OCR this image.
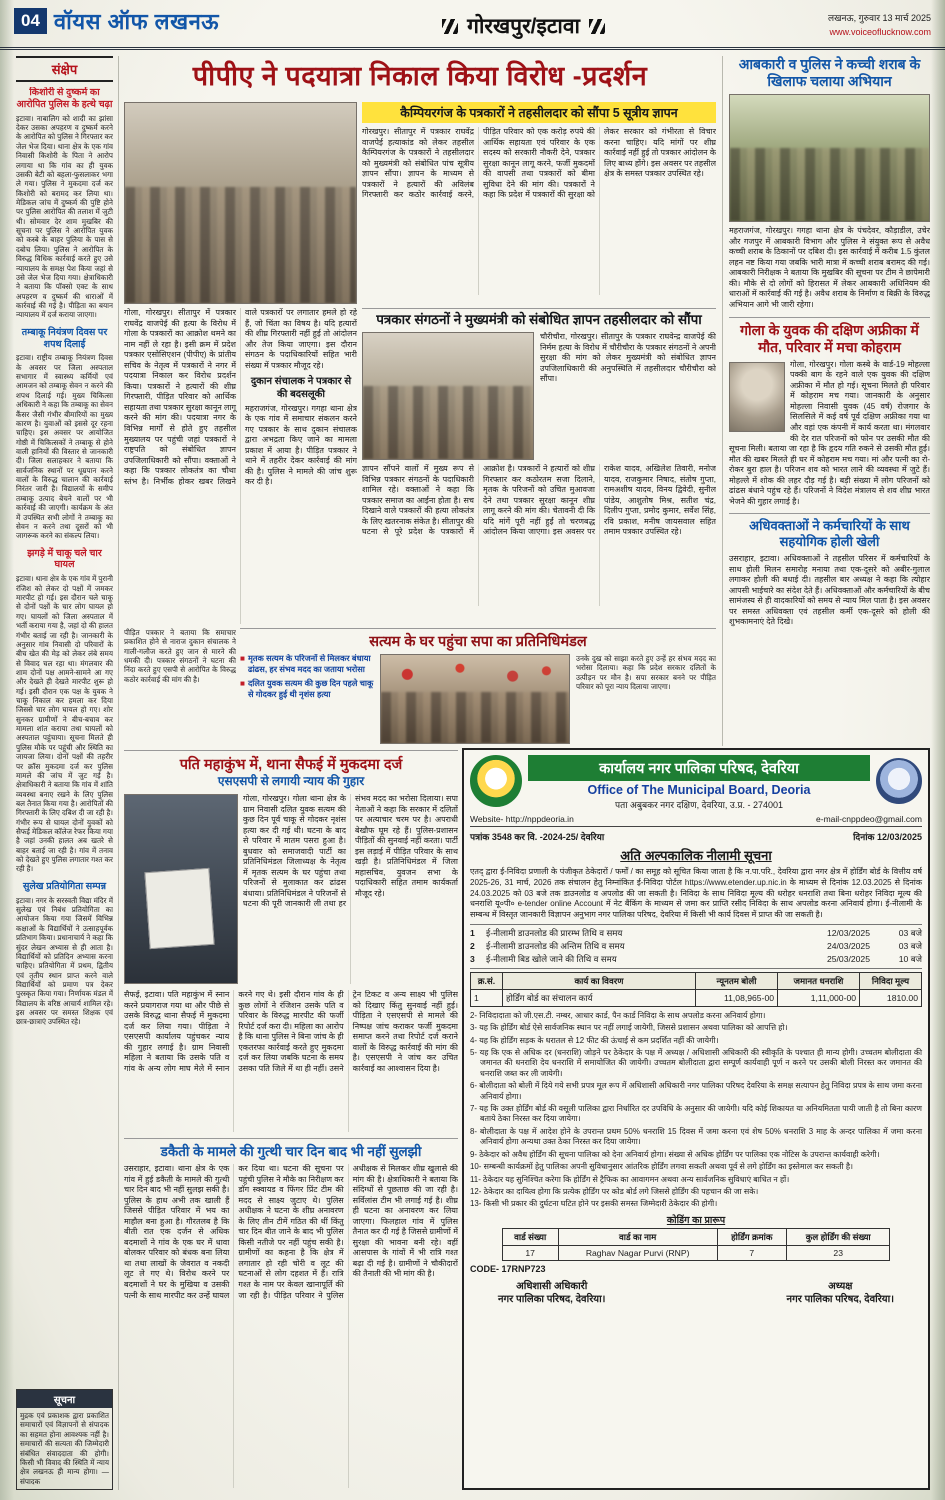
04 वॉयस ऑफ लखनऊ	गोरखपुर/इटावा	लखनऊ, गुरुवार 13 मार्च 2025
www.voiceoflucknow.com
संक्षेप
किशोरी से दुष्कर्म का आरोपित पुलिस के हत्थे चढ़ा

इटावा। नाबालिग को शादी का झांसा देकर उसका अपहरण व दुष्कर्म करने के आरोपित को पुलिस ने गिरफ्तार कर जेल भेज दिया। थाना क्षेत्र के एक गांव निवासी किशोरी के पिता ने आरोप लगाया था कि गांव का ही युवक उसकी बेटी को बहला-फुसलाकर भगा ले गया। पुलिस ने मुकदमा दर्ज कर किशोरी को बरामद कर लिया था। मेडिकल जांच में दुष्कर्म की पुष्टि होने पर पुलिस आरोपित की तलाश में जुटी थी। सोमवार देर शाम मुखबिर की सूचना पर पुलिस ने आरोपित युवक को कस्बे के बाहर पुलिया के पास से दबोच लिया। पुलिस ने आरोपित के विरुद्ध विधिक कार्रवाई करते हुए उसे न्यायालय के समक्ष पेश किया जहां से उसे जेल भेज दिया गया। क्षेत्राधिकारी ने बताया कि पॉक्सो एक्ट के साथ अपहरण व दुष्कर्म की धाराओं में कार्रवाई की गई है। पीड़िता का बयान न्यायालय में दर्ज कराया जाएगा।

तम्बाकू नियंत्रण दिवस पर शपथ दिलाई

इटावा। राष्ट्रीय तम्बाकू नियंत्रण दिवस के अवसर पर जिला अस्पताल सभागार में स्वास्थ्य कर्मियों एवं आमजन को तम्बाकू सेवन न करने की शपथ दिलाई गई। मुख्य चिकित्सा अधिकारी ने कहा कि तम्बाकू का सेवन कैंसर जैसी गंभीर बीमारियों का मुख्य कारण है। युवाओं को इससे दूर रहना चाहिए। इस अवसर पर आयोजित गोष्ठी में चिकित्सकों ने तम्बाकू से होने वाली हानियों की विस्तार से जानकारी दी। जिला सलाहकार ने बताया कि सार्वजनिक स्थानों पर धूम्रपान करने वालों के विरुद्ध चालान की कार्रवाई निरंतर जारी है। विद्यालयों के समीप तम्बाकू उत्पाद बेचने वालों पर भी कार्रवाई की जाएगी। कार्यक्रम के अंत में उपस्थित सभी लोगों ने तम्बाकू का सेवन न करने तथा दूसरों को भी जागरूक करने का संकल्प लिया।

झगड़े में चाकू चले चार घायल

इटावा। थाना क्षेत्र के एक गांव में पुरानी रंजिश को लेकर दो पक्षों में जमकर मारपीट हो गई। इस दौरान चले चाकू से दोनों पक्षों के चार लोग घायल हो गए। घायलों को जिला अस्पताल में भर्ती कराया गया है, जहां दो की हालत गंभीर बताई जा रही है। जानकारी के अनुसार गांव निवासी दो परिवारों के बीच खेत की मेड़ को लेकर लंबे समय से विवाद चल रहा था। मंगलवार की शाम दोनों पक्ष आमने-सामने आ गए और देखते ही देखते मारपीट शुरू हो गई। इसी दौरान एक पक्ष के युवक ने चाकू निकाल कर हमला कर दिया जिससे चार लोग घायल हो गए। शोर सुनकर ग्रामीणों ने बीच-बचाव कर मामला शांत कराया तथा घायलों को अस्पताल पहुंचाया। सूचना मिलते ही पुलिस मौके पर पहुंची और स्थिति का जायजा लिया। दोनों पक्षों की तहरीर पर क्रॉस मुकदमा दर्ज कर पुलिस मामले की जांच में जुट गई है। क्षेत्राधिकारी ने बताया कि गांव में शांति व्यवस्था बनाए रखने के लिए पुलिस बल तैनात किया गया है। आरोपितों की गिरफ्तारी के लिए दबिश दी जा रही है। गंभीर रूप से घायल दोनों युवकों को सैफई मेडिकल कॉलेज रेफर किया गया है जहां उनकी हालत अब खतरे से बाहर बताई जा रही है। गांव में तनाव को देखते हुए पुलिस लगातार गश्त कर रही है।

सुलेख प्रतियोगिता सम्पन्न

इटावा। नगर के सरस्वती विद्या मंदिर में सुलेख एवं निबंध प्रतियोगिता का आयोजन किया गया जिसमें विभिन्न कक्षाओं के विद्यार्थियों ने उत्साहपूर्वक प्रतिभाग किया। प्रधानाचार्य ने कहा कि सुंदर लेखन अभ्यास से ही आता है। विद्यार्थियों को प्रतिदिन अभ्यास करना चाहिए। प्रतियोगिता में प्रथम, द्वितीय एवं तृतीय स्थान प्राप्त करने वाले विद्यार्थियों को प्रमाण पत्र देकर पुरस्कृत किया गया। निर्णायक मंडल में विद्यालय के वरिष्ठ आचार्य शामिल रहे। इस अवसर पर समस्त शिक्षक एवं छात्र-छात्राएं उपस्थित रहे।

सूचना

मुद्रक एवं प्रकाशक द्वारा प्रकाशित समाचारों एवं विज्ञापनों से संपादक का सहमत होना आवश्यक नहीं है। समाचारों की सत्यता की जिम्मेदारी संबंधित संवाददाता की होगी। किसी भी विवाद की स्थिति में न्याय क्षेत्र लखनऊ ही मान्य होगा। — संपादक

पीपीए ने पदयात्रा निकाल किया विरोध -प्रदर्शन
कैम्पियरगंज के पत्रकारों ने तहसीलदार को सौंपा 5 सूत्रीय ज्ञापन
गोरखपुर। सीतापुर में पत्रकार राघवेंद्र वाजपेई हत्याकांड को लेकर तहसील कैम्पियरगंज के पत्रकारों ने तहसीलदार को मुख्यमंत्री को संबोधित पांच सूत्रीय ज्ञापन सौंपा। ज्ञापन के माध्यम से पत्रकारों ने हत्यारों की अविलंब गिरफ्तारी कर कठोर कार्रवाई करने, पीड़ित परिवार को एक करोड़ रुपये की आर्थिक सहायता एवं परिवार के एक सदस्य को सरकारी नौकरी देने, पत्रकार सुरक्षा कानून लागू करने, फर्जी मुकदमों की वापसी तथा पत्रकारों को बीमा सुविधा देने की मांग की। पत्रकारों ने कहा कि प्रदेश में पत्रकारों की सुरक्षा को लेकर सरकार को गंभीरता से विचार करना चाहिए। यदि मांगों पर शीघ्र कार्रवाई नहीं हुई तो पत्रकार आंदोलन के लिए बाध्य होंगे। इस अवसर पर तहसील क्षेत्र के समस्त पत्रकार उपस्थित रहे।
गोला, गोरखपुर। सीतापुर में पत्रकार राघवेंद्र वाजपेई की हत्या के विरोध में गोला के पत्रकारों का आक्रोश थमने का नाम नहीं ले रहा है। इसी क्रम में प्रदेश पत्रकार एसोसिएशन (पीपीए) के प्रांतीय सचिव के नेतृत्व में पत्रकारों ने नगर में पदयात्रा निकाल कर विरोध प्रदर्शन किया। पत्रकारों ने हत्यारों की शीघ्र गिरफ्तारी, पीड़ित परिवार को आर्थिक सहायता तथा पत्रकार सुरक्षा कानून लागू करने की मांग की। पदयात्रा नगर के विभिन्न मार्गों से होते हुए तहसील मुख्यालय पर पहुंची जहां पत्रकारों ने राष्ट्रपति को संबोधित ज्ञापन उपजिलाधिकारी को सौंपा। वक्ताओं ने कहा कि पत्रकार लोकतंत्र का चौथा स्तंभ है। निर्भीक होकर खबर लिखने वाले पत्रकारों पर लगातार हमले हो रहे हैं, जो चिंता का विषय है। यदि हत्यारों की शीघ्र गिरफ्तारी नहीं हुई तो आंदोलन और तेज किया जाएगा। इस दौरान संगठन के पदाधिकारियों सहित भारी संख्या में पत्रकार मौजूद रहे।
दुकान संचालक ने पत्रकार से की बदसलूकी
महराजगंज, गोरखपुर। गगहा थाना क्षेत्र के एक गांव में समाचार संकलन करने गए पत्रकार के साथ दुकान संचालक द्वारा अभद्रता किए जाने का मामला प्रकाश में आया है। पीड़ित पत्रकार ने थाने में तहरीर देकर कार्रवाई की मांग की है। पुलिस ने मामले की जांच शुरू कर दी है।
पत्रकार संगठनों ने मुख्यमंत्री को संबोधित ज्ञापन तहसीलदार को सौंपा
चौरीचौरा, गोरखपुर। सीतापुर के पत्रकार राघवेन्द्र वाजपेई की निर्मम हत्या के विरोध में चौरीचौरा के पत्रकार संगठनों ने अपनी सुरक्षा की मांग को लेकर मुख्यमंत्री को संबोधित ज्ञापन उपजिलाधिकारी की अनुपस्थिति में तहसीलदार चौरीचौरा को सौंपा।
ज्ञापन सौंपने वालों में मुख्य रूप से विभिन्न पत्रकार संगठनों के पदाधिकारी शामिल रहे। वक्ताओं ने कहा कि पत्रकार समाज का आईना होता है। सच दिखाने वाले पत्रकारों की हत्या लोकतंत्र के लिए खतरनाक संकेत है। सीतापुर की घटना से पूरे प्रदेश के पत्रकारों में आक्रोश है। पत्रकारों ने हत्यारों को शीघ्र गिरफ्तार कर कठोरतम सजा दिलाने, मृतक के परिजनों को उचित मुआवजा देने तथा पत्रकार सुरक्षा कानून शीघ्र लागू करने की मांग की। चेतावनी दी कि यदि मांगें पूरी नहीं हुईं तो चरणबद्ध आंदोलन किया जाएगा। इस अवसर पर राकेश यादव, अखिलेश तिवारी, मनोज यादव, राजकुमार निषाद, संतोष गुप्ता, रामअशीष यादव, विनय द्विवेदी, सुनील पांडेय, आशुतोष मिश्र, सतीश चंद्र, दिलीप गुप्ता, प्रमोद कुमार, सर्वेश सिंह, रवि प्रकाश, मनीष जायसवाल सहित तमाम पत्रकार उपस्थित रहे।
पीड़ित पत्रकार ने बताया कि समाचार प्रकाशित होने से नाराज दुकान संचालक ने गाली-गलौज करते हुए जान से मारने की धमकी दी। पत्रकार संगठनों ने घटना की निंदा करते हुए एसपी से आरोपित के विरुद्ध कठोर कार्रवाई की मांग की है।
सत्यम के घर पहुंचा सपा का प्रतिनिधिमंडल
■ मृतक सत्यम के परिजनों से मिलकर बंधाया ढांढस, हर संभव मदद का जताया भरोसा
■ दलित युवक सत्यम की कुछ दिन पहले चाकू से गोदकर हुई थी नृशंस हत्या
उनके दुख को साझा करते हुए उन्हें हर संभव मदद का भरोसा दिलाया। कहा कि प्रदेश सरकार दलितों के उत्पीड़न पर मौन है। सपा सरकार बनने पर पीड़ित परिवार को पूरा न्याय दिलाया जाएगा।
गोला, गोरखपुर। गोला थाना क्षेत्र के ग्राम निवासी दलित युवक सत्यम की कुछ दिन पूर्व चाकू से गोदकर नृशंस हत्या कर दी गई थी। घटना के बाद से परिवार में मातम पसरा हुआ है। बुधवार को समाजवादी पार्टी का प्रतिनिधिमंडल जिलाध्यक्ष के नेतृत्व में मृतक सत्यम के घर पहुंचा तथा परिजनों से मुलाकात कर ढांढस बंधाया। प्रतिनिधिमंडल ने परिजनों से घटना की पूरी जानकारी ली तथा हर संभव मदद का भरोसा दिलाया। सपा नेताओं ने कहा कि सरकार में दलितों पर अत्याचार चरम पर है। अपराधी बेखौफ घूम रहे हैं। पुलिस-प्रशासन पीड़ितों की सुनवाई नहीं करता। पार्टी इस लड़ाई में पीड़ित परिवार के साथ खड़ी है। प्रतिनिधिमंडल में जिला महासचिव, युवजन सभा के पदाधिकारी सहित तमाम कार्यकर्ता मौजूद रहे।
पति महाकुंभ में, थाना सैफई में मुकदमा दर्ज
एसएसपी से लगायी न्याय की गुहार
सैफई, इटावा। पति महाकुंभ में स्नान करने प्रयागराज गया था और पीछे से उसके विरुद्ध थाना सैफई में मुकदमा दर्ज कर लिया गया। पीड़िता ने एसएसपी कार्यालय पहुंचकर न्याय की गुहार लगाई है। ग्राम निवासी महिला ने बताया कि उसके पति व गांव के अन्य लोग माघ मेले में स्नान करने गए थे। इसी दौरान गांव के ही कुछ लोगों ने रंजिशन उसके पति व परिवार के विरुद्ध मारपीट की फर्जी रिपोर्ट दर्ज करा दी। महिला का आरोप है कि थाना पुलिस ने बिना जांच के ही एकतरफा कार्रवाई करते हुए मुकदमा दर्ज कर लिया जबकि घटना के समय उसका पति जिले में था ही नहीं। उसने ट्रेन टिकट व अन्य साक्ष्य भी पुलिस को दिखाए किंतु सुनवाई नहीं हुई। पीड़िता ने एसएसपी से मामले की निष्पक्ष जांच कराकर फर्जी मुकदमा समाप्त करने तथा रिपोर्ट दर्ज कराने वालों के विरुद्ध कार्रवाई की मांग की है। एसएसपी ने जांच कर उचित कार्रवाई का आश्वासन दिया है।
डकैती के मामले की गुत्थी चार दिन बाद भी नहीं सुलझी
उसराहार, इटावा। थाना क्षेत्र के एक गांव में हुई डकैती के मामले की गुत्थी चार दिन बाद भी नहीं सुलझ सकी है। पुलिस के हाथ अभी तक खाली हैं जिससे पीड़ित परिवार में भय का माहौल बना हुआ है। गौरतलब है कि बीती रात एक दर्जन से अधिक बदमाशों ने गांव के एक घर में धावा बोलकर परिवार को बंधक बना लिया था तथा लाखों के जेवरात व नकदी लूट ले गए थे। विरोध करने पर बदमाशों ने घर के मुखिया व उसकी पत्नी के साथ मारपीट कर उन्हें घायल कर दिया था। घटना की सूचना पर पहुंची पुलिस ने मौके का निरीक्षण कर डॉग स्क्वायड व फिंगर प्रिंट टीम की मदद से साक्ष्य जुटाए थे। पुलिस अधीक्षक ने घटना के शीघ्र अनावरण के लिए तीन टीमें गठित की थीं किंतु चार दिन बीत जाने के बाद भी पुलिस किसी नतीजे पर नहीं पहुंच सकी है। ग्रामीणों का कहना है कि क्षेत्र में लगातार हो रही चोरी व लूट की घटनाओं से लोग दहशत में हैं। रात्रि गश्त के नाम पर केवल खानापूर्ति की जा रही है। पीड़ित परिवार ने पुलिस अधीक्षक से मिलकर शीघ्र खुलासे की मांग की है। क्षेत्राधिकारी ने बताया कि संदिग्धों से पूछताछ की जा रही है। सर्विलांस टीम भी लगाई गई है। शीघ्र ही घटना का अनावरण कर लिया जाएगा। फिलहाल गांव में पुलिस तैनात कर दी गई है जिससे ग्रामीणों में सुरक्षा की भावना बनी रहे। वहीं आसपास के गांवों में भी रात्रि गश्त बढ़ा दी गई है। ग्रामीणों ने चौकीदारों की तैनाती की भी मांग की है।
आबकारी व पुलिस ने कच्ची शराब के खिलाफ चलाया अभियान

महराजगंज, गोरखपुर। गगहा थाना क्षेत्र के पंचदेवर, कौड़ाडील, उचेर और गजपुर में आबकारी विभाग और पुलिस ने संयुक्त रूप से अवैध कच्ची शराब के ठिकानों पर दबिश दी। इस कार्रवाई में करीब 1.5 कुंतल लहन नष्ट किया गया जबकि भारी मात्रा में कच्ची शराब बरामद की गई। आबकारी निरीक्षक ने बताया कि मुखबिर की सूचना पर टीम ने छापेमारी की। मौके से दो लोगों को हिरासत में लेकर आबकारी अधिनियम की धाराओं में कार्रवाई की गई है। अवैध शराब के निर्माण व बिक्री के विरुद्ध अभियान आगे भी जारी रहेगा।

गोला के युवक की दक्षिण अफ्रीका में मौत, परिवार में मचा कोहराम

गोला, गोरखपुर। गोला कस्बे के वार्ड-19 मोहल्ला पक्की बाग के रहने वाले एक युवक की दक्षिण अफ्रीका में मौत हो गई। सूचना मिलते ही परिवार में कोहराम मच गया। जानकारी के अनुसार मोहल्ला निवासी युवक (45 वर्ष) रोजगार के सिलसिले में कई वर्ष पूर्व दक्षिण अफ्रीका गया था और वहां एक कंपनी में कार्य करता था। मंगलवार की देर रात परिजनों को फोन पर उसकी मौत की सूचना मिली। बताया जा रहा है कि हृदय गति रुकने से उसकी मौत हुई। मौत की खबर मिलते ही घर में कोहराम मच गया। मां और पत्नी का रो-रोकर बुरा हाल है। परिजन शव को भारत लाने की व्यवस्था में जुटे हैं। मोहल्ले में शोक की लहर दौड़ गई है। बड़ी संख्या में लोग परिजनों को ढांढस बंधाने पहुंच रहे हैं। परिजनों ने विदेश मंत्रालय से शव शीघ्र भारत भेजने की गुहार लगाई है।

अधिवक्ताओं ने कर्मचारियों के साथ सहयोगिक होली खेली

उसराहार, इटावा। अधिवक्ताओं ने तहसील परिसर में कर्मचारियों के साथ होली मिलन समारोह मनाया तथा एक-दूसरे को अबीर-गुलाल लगाकर होली की बधाई दी। तहसील बार अध्यक्ष ने कहा कि त्योहार आपसी भाईचारे का संदेश देते हैं। अधिवक्ताओं और कर्मचारियों के बीच सामंजस्य से ही वादकारियों को समय से न्याय मिल पाता है। इस अवसर पर समस्त अधिवक्ता एवं तहसील कर्मी एक-दूसरे को होली की शुभकामनाएं देते दिखे।

कार्यालय नगर पालिका परिषद, देवरिया
Office of The Municipal Board, Deoria
पता अबुबकर नगर दक्षिण, देवरिया, उ.प्र. - 274001
Website- http://nppdeoria.in	e-mail-cnppdeo@gmail.com
पत्रांक 3548 कर वि. -2024-25/ देवरिया	दिनांक 12/03/2025
अति अल्पकालिक नीलामी सूचना

एतद् द्वारा ई-निविदा प्रणाली के पंजीकृत ठेकेदारों / फर्मों / का समूह को सूचित किया जाता है कि न.पा.परि., देवरिया द्वारा नगर क्षेत्र में होर्डिंग बोर्ड के वित्तीय वर्ष 2025-26, 31 मार्च, 2026 तक संचालन हेतु निम्नांकित ई-निविदा पोर्टल https://www.etender.up.nic.in के माध्यम से दिनांक 12.03.2025 से दिनांक 24.03.2025 को 03 बजे तक डाउनलोड व अपलोड की जा सकती है। निविदा के साथ निविदा मूल्य की धरोहर धनराशि तथा बिना धरोहर निविदा मूल्य की धनराशि यू०पी० e-tender online Account में नेट बैंकिंग के माध्यम से जमा कर प्राप्ति रसीद निविदा के साथ अपलोड करना अनिवार्य होगा। ई-नीलामी के सम्बन्ध में विस्तृत जानकारी विज्ञापन अनुभाग नगर पालिका परिषद, देवरिया में किसी भी कार्य दिवस में प्राप्त की जा सकती है।

1	ई-नीलामी डाउनलोड की प्रारम्भ तिथि व समय	12/03/2025	03 बजे
2	ई-नीलामी डाउनलोड की अन्तिम तिथि व समय	24/03/2025	03 बजे
3	ई-नीलामी बिड खोले जाने की तिथि व समय	25/03/2025	10 बजे
क्र.सं.	कार्य का विवरण	न्यूनतम बोली	जमानत धनराशि	निविदा मूल्य
1	होर्डिंग बोर्ड का संचालन कार्य	11,08,965-00	1,11,000-00	1810.00

2- निविदादाता को जी.एस.टी. नम्बर, आधार कार्ड, पैन कार्ड निविदा के साथ अपलोड करना अनिवार्य होगा।

3- यह कि होर्डिंग बोर्ड ऐसे सार्वजनिक स्थान पर नहीं लगाई जायेगी, जिससे प्रशासन अथवा पालिका को आपत्ति हो।

4- यह कि होर्डिंग सड़क के धरातल से 12 फीट की ऊंचाई से कम प्रदर्शित नहीं की जायेगी।

5- यह कि एक से अधिक दर (धनराशि) जोड़ने पर ठेकेदार के पक्ष में अध्यक्ष / अधिशासी अधिकारी की स्वीकृति के पश्चात ही मान्य होगी। उच्चतम बोलीदाता की जमानत की धनराशि देय धनराशि में समायोजित की जायेगी। उच्चतम बोलीदाता द्वारा सम्पूर्ण कार्यवाही पूर्ण न करने पर उसकी बोली निरस्त कर जमानत की धनराशि जब्त कर ली जायेगी।

6- बोलीदाता को बोली में दिये गये सभी प्रपत्र मूल रूप में अधिशासी अधिकारी नगर पालिका परिषद देवरिया के समक्ष सत्यापन हेतु निविदा प्रपत्र के साथ जमा करना अनिवार्य होगा।

7- यह कि उक्त होर्डिंग बोर्ड की वसूली पालिका द्वारा निर्धारित दर उपविधि के अनुसार की जायेगी। यदि कोई शिकायत या अनियमितता पायी जाती है तो बिना कारण बताये ठेका निरस्त कर दिया जायेगा।

8- बोलीदाता के पक्ष में आदेश होने के उपरान्त प्रथम 50% धनराशि 15 दिवस में जमा करना एवं शेष 50% धनराशि 3 माह के अन्दर पालिका में जमा करना अनिवार्य होगा अन्यथा उक्त ठेका निरस्त कर दिया जायेगा।

9- ठेकेदार को अवैध होर्डिंग की सूचना पालिका को देना अनिवार्य होगा। संख्या से अधिक होर्डिंग पर पालिका एक नोटिस के उपरान्त कार्यवाही करेगी।

10- सम्बन्धी कार्यक्रमों हेतु पालिका अपनी सुविधानुसार आंतरिक होर्डिंग लगवा सकती अथवा पूर्व से लगे होर्डिंग का इस्तेमाल कर सकती है।

11- ठेकेदार यह सुनिश्चित करेगा कि होर्डिंग से ट्रैफिक का आवागमन अथवा अन्य सार्वजनिक सुविधाएं बाधित न हों।

12- ठेकेदार का दायित्व होगा कि प्रत्येक होर्डिंग पर कोड बोर्ड लगे जिससे होर्डिंग की पहचान की जा सके।

13- किसी भी प्रकार की दुर्घटना घटित होने पर इसकी समस्त जिम्मेदारी ठेकेदार की होगी।

कोडिंग का प्रारूप
वार्ड संख्या	वार्ड का नाम	होर्डिंग क्रमांक	कुल होर्डिंग की संख्या
17	Raghav Nagar Purvi (RNP)	7	23
CODE- 17RNP723
अधिशासी अधिकारी
नगर पालिका परिषद, देवरिया।
अध्यक्ष
नगर पालिका परिषद, देवरिया।
